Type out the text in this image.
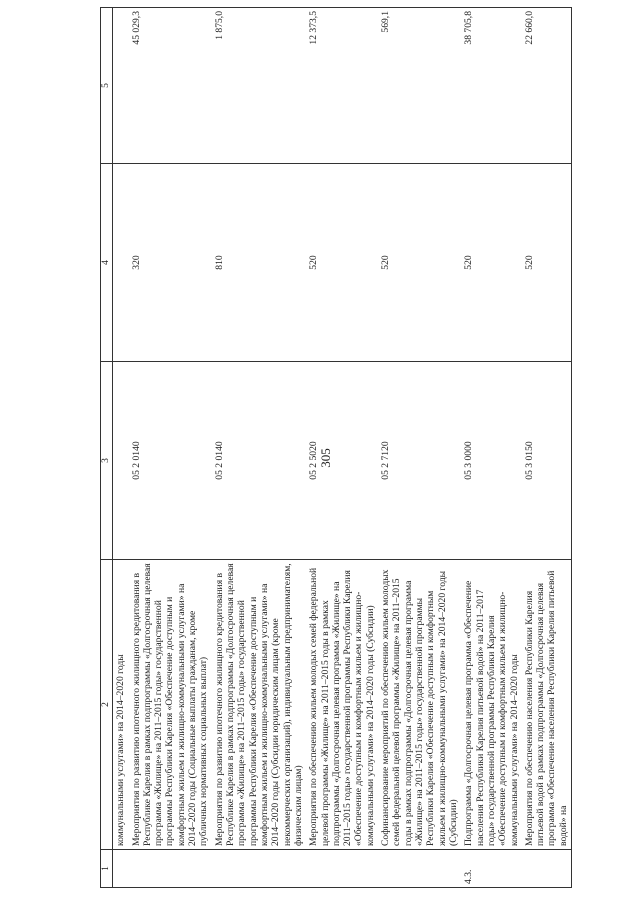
305
1	2	3	4	5
	коммунальными услугами» на 2014–2020 годы			
	Мероприятия по развитию ипотечного жилищного кредитования в Республике Карелия в рамках подпрограммы «Долгосрочная целевая программа «Жилище» на 2011–2015 годы» государственной программы Республики Карелия «Обеспечение доступным и комфортным жильем и жилищно-коммунальными услугами» на 2014–2020 годы (Социальные выплаты гражданам, кроме публичных нормативных социальных выплат)	05 2 0140	320	45 029,3
	Мероприятия по развитию ипотечного жилищного кредитования в Республике Карелия в рамках подпрограммы «Долгосрочная целевая программа «Жилище» на 2011–2015 годы» государственной программы Республики Карелия «Обеспечение доступным и комфортным жильем и жилищно-коммунальными услугами» на 2014–2020 годы (Субсидии юридическим лицам (кроме некоммерческих организаций), индивидуальным предпринимателям, физическим лицам)	05 2 0140	810	1 875,0
	Мероприятия по обеспечению жильем молодых семей федеральной целевой программы «Жилище» на 2011–2015 годы в рамках подпрограммы «Долгосрочная целевая программа «Жилище» на 2011–2015 годы» государственной программы Республики Карелия «Обеспечение доступным и комфортным жильем и жилищно-коммунальными услугами» на 2014–2020 годы (Субсидии)	05 2 5020	520	12 373,5
	Софинансирование мероприятий по обеспечению жильем молодых семей федеральной целевой программы «Жилище» на 2011–2015 годы в рамках подпрограммы «Долгосрочная целевая программа «Жилище» на 2011–2015 годы» государственной программы Республики Карелия «Обеспечение доступным и комфортным жильем и жилищно-коммунальными услугами» на 2014–2020 годы (Субсидии)	05 2 7120	520	569,1
4.3.	Подпрограмма «Долгосрочная целевая программа «Обеспечение населения Республики Карелия питьевой водой» на 2011–2017 годы» государственной программы Республики Карелия «Обеспечение доступным и комфортным жильем и жилищно-коммунальными услугами» на 2014–2020 годы	05 3 0000	520	38 705,8
	Мероприятия по обеспечению населения Республики Карелия питьевой водой в рамках подпрограммы «Долгосрочная целевая программа «Обеспечение населения Республики Карелия питьевой водой» на	05 3 0150	520	22 660,0
